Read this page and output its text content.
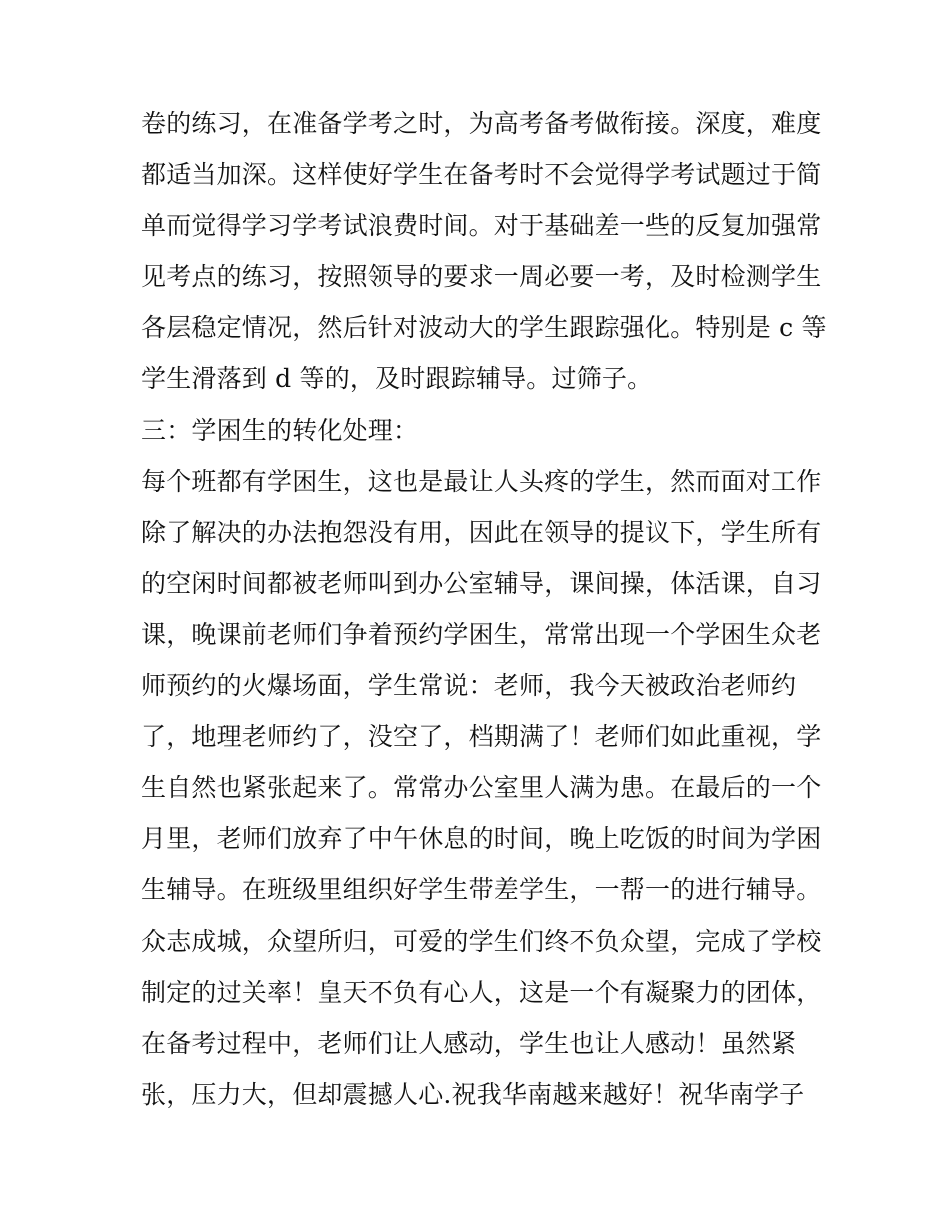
卷的练习，在准备学考之时，为高考备考做衔接。深度，难度
都适当加深。这样使好学生在备考时不会觉得学考试题过于简
单而觉得学习学考试浪费时间。对于基础差一些的反复加强常
见考点的练习，按照领导的要求一周必要一考，及时检测学生
各层稳定情况，然后针对波动大的学生跟踪强化。特别是 c 等
学生滑落到 d 等的，及时跟踪辅导。过筛子。
三：学困生的转化处理：
每个班都有学困生，这也是最让人头疼的学生，然而面对工作
除了解决的办法抱怨没有用，因此在领导的提议下，学生所有
的空闲时间都被老师叫到办公室辅导，课间操，体活课，自习
课，晚课前老师们争着预约学困生，常常出现一个学困生众老
师预约的火爆场面，学生常说：老师，我今天被政治老师约
了，地理老师约了，没空了，档期满了！老师们如此重视，学
生自然也紧张起来了。常常办公室里人满为患。在最后的一个
月里，老师们放弃了中午休息的时间，晚上吃饭的时间为学困
生辅导。在班级里组织好学生带差学生，一帮一的进行辅导。
众志成城，众望所归，可爱的学生们终不负众望，完成了学校
制定的过关率！皇天不负有心人，这是一个有凝聚力的团体，
在备考过程中，老师们让人感动，学生也让人感动！虽然紧
张，压力大，但却震撼人心.祝我华南越来越好！祝华南学子
